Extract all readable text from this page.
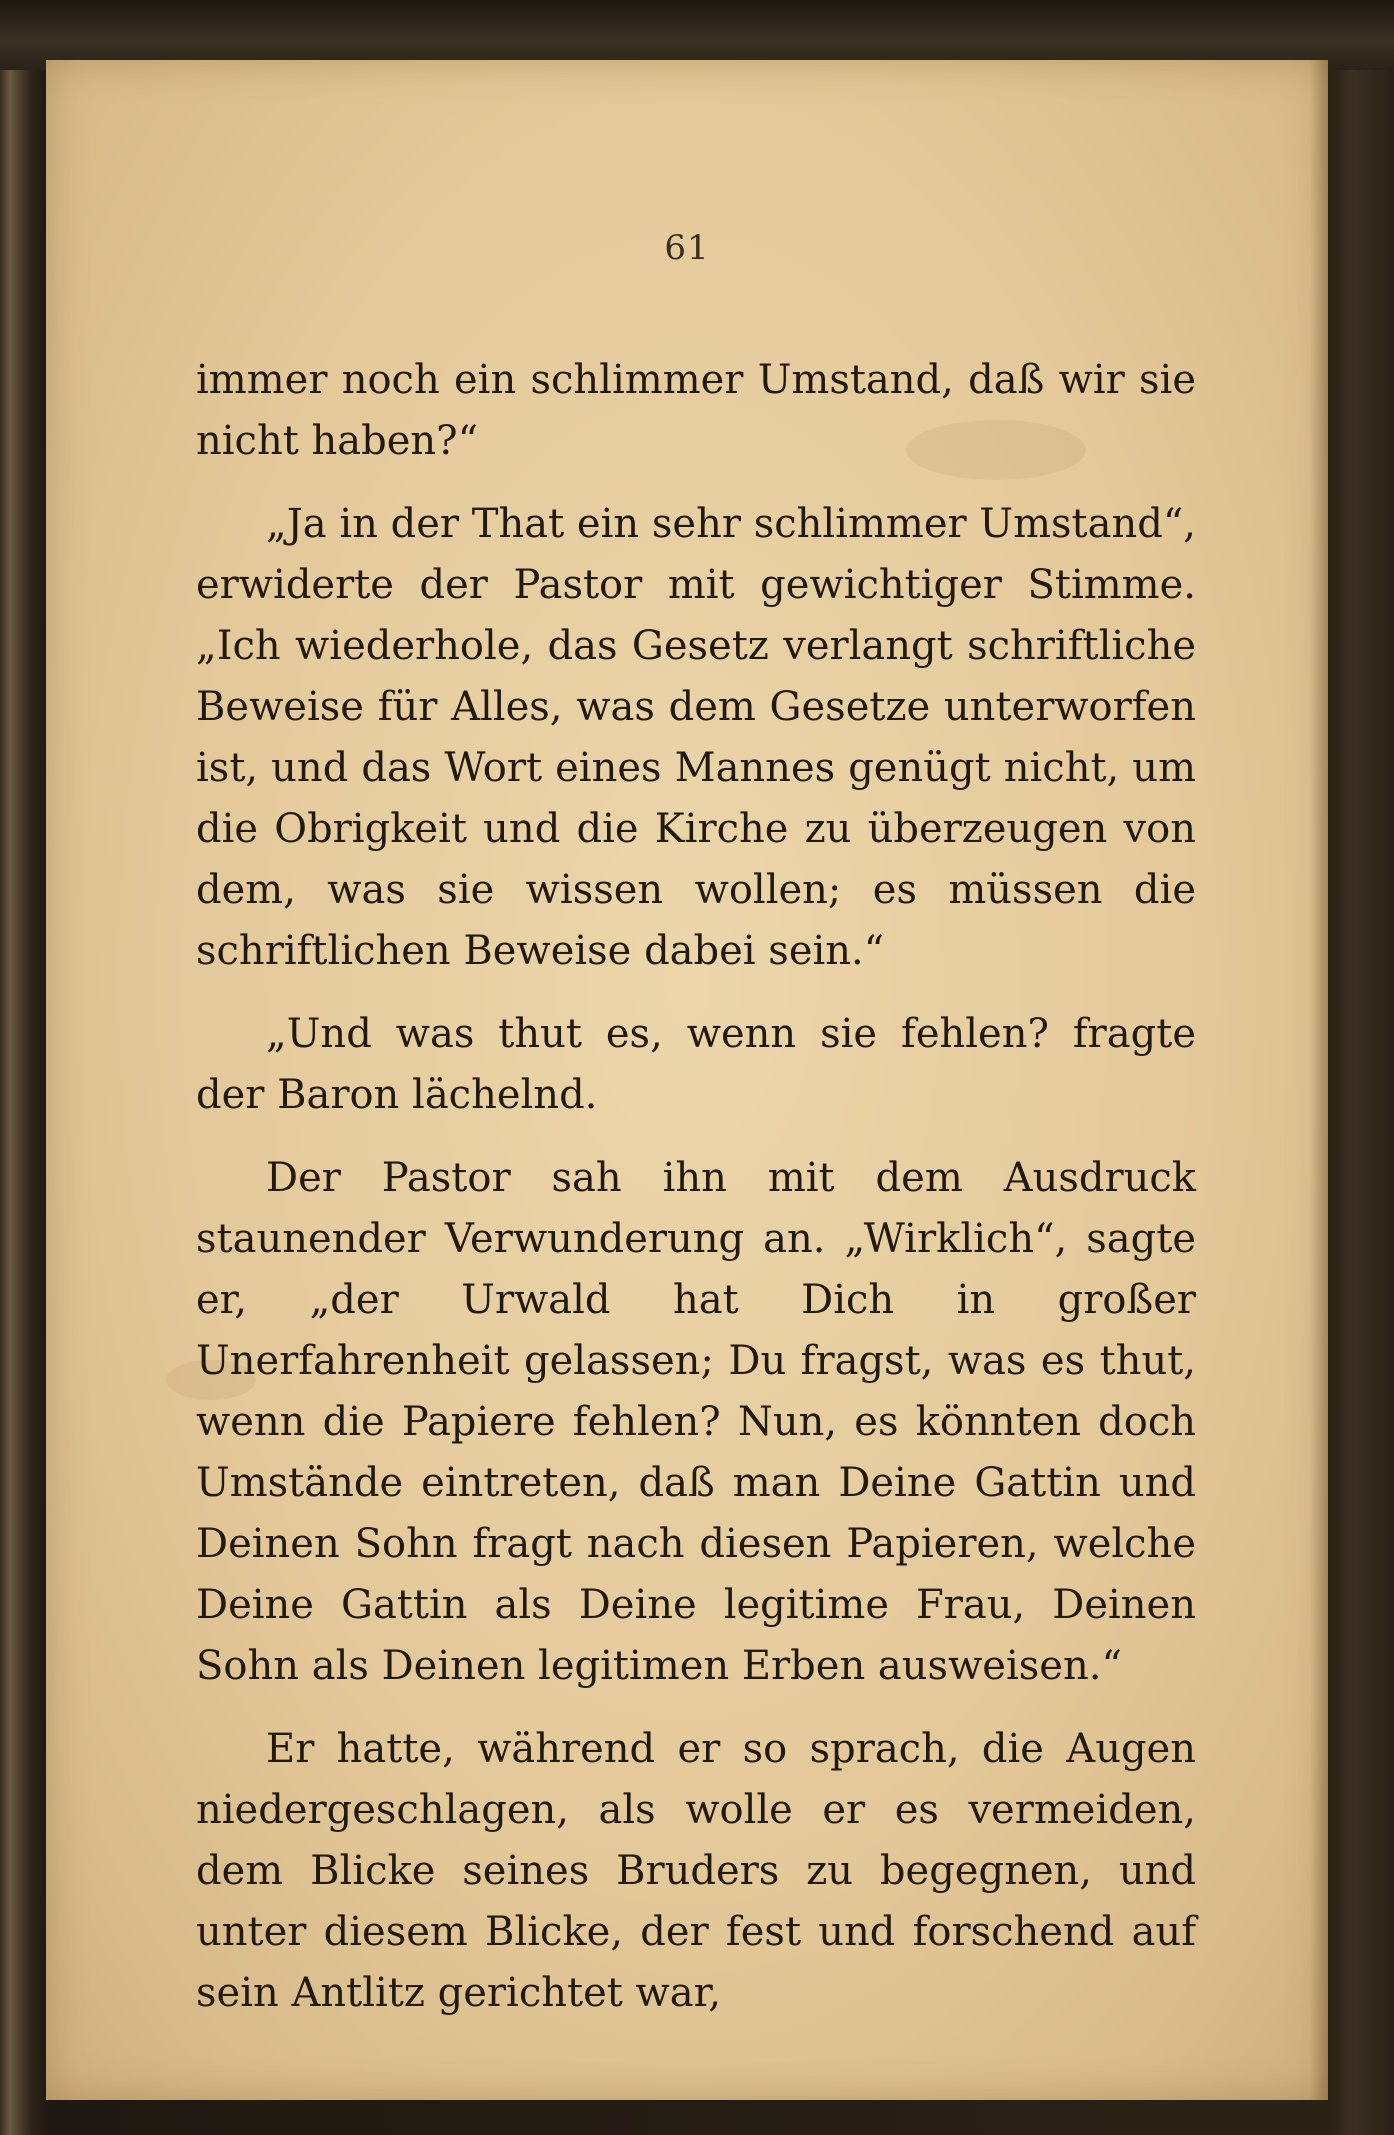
61

immer noch ein schlimmer Umstand, daß wir sie nicht haben?“

„Ja in der That ein sehr schlimmer Umstand“, erwiderte der Pastor mit gewichtiger Stimme. „Ich wiederhole, das Gesetz verlangt schriftliche Beweise für Alles, was dem Gesetze unterworfen ist, und das Wort eines Mannes genügt nicht, um die Obrigkeit und die Kirche zu überzeugen von dem, was sie wissen wollen; es müssen die schriftlichen Beweise dabei sein.“

„Und was thut es, wenn sie fehlen? fragte der Baron lächelnd.

Der Pastor sah ihn mit dem Ausdruck staunender Verwunderung an. „Wirklich“, sagte er, „der Urwald hat Dich in großer Unerfahrenheit gelassen; Du fragst, was es thut, wenn die Papiere fehlen? Nun, es könnten doch Umstände eintreten, daß man Deine Gattin und Deinen Sohn fragt nach diesen Papieren, welche Deine Gattin als Deine legitime Frau, Deinen Sohn als Deinen legitimen Erben ausweisen.“

Er hatte, während er so sprach, die Augen niedergeschlagen, als wolle er es vermeiden, dem Blicke seines Bruders zu begegnen, und unter diesem Blicke, der fest und forschend auf sein Antlitz gerichtet war,
